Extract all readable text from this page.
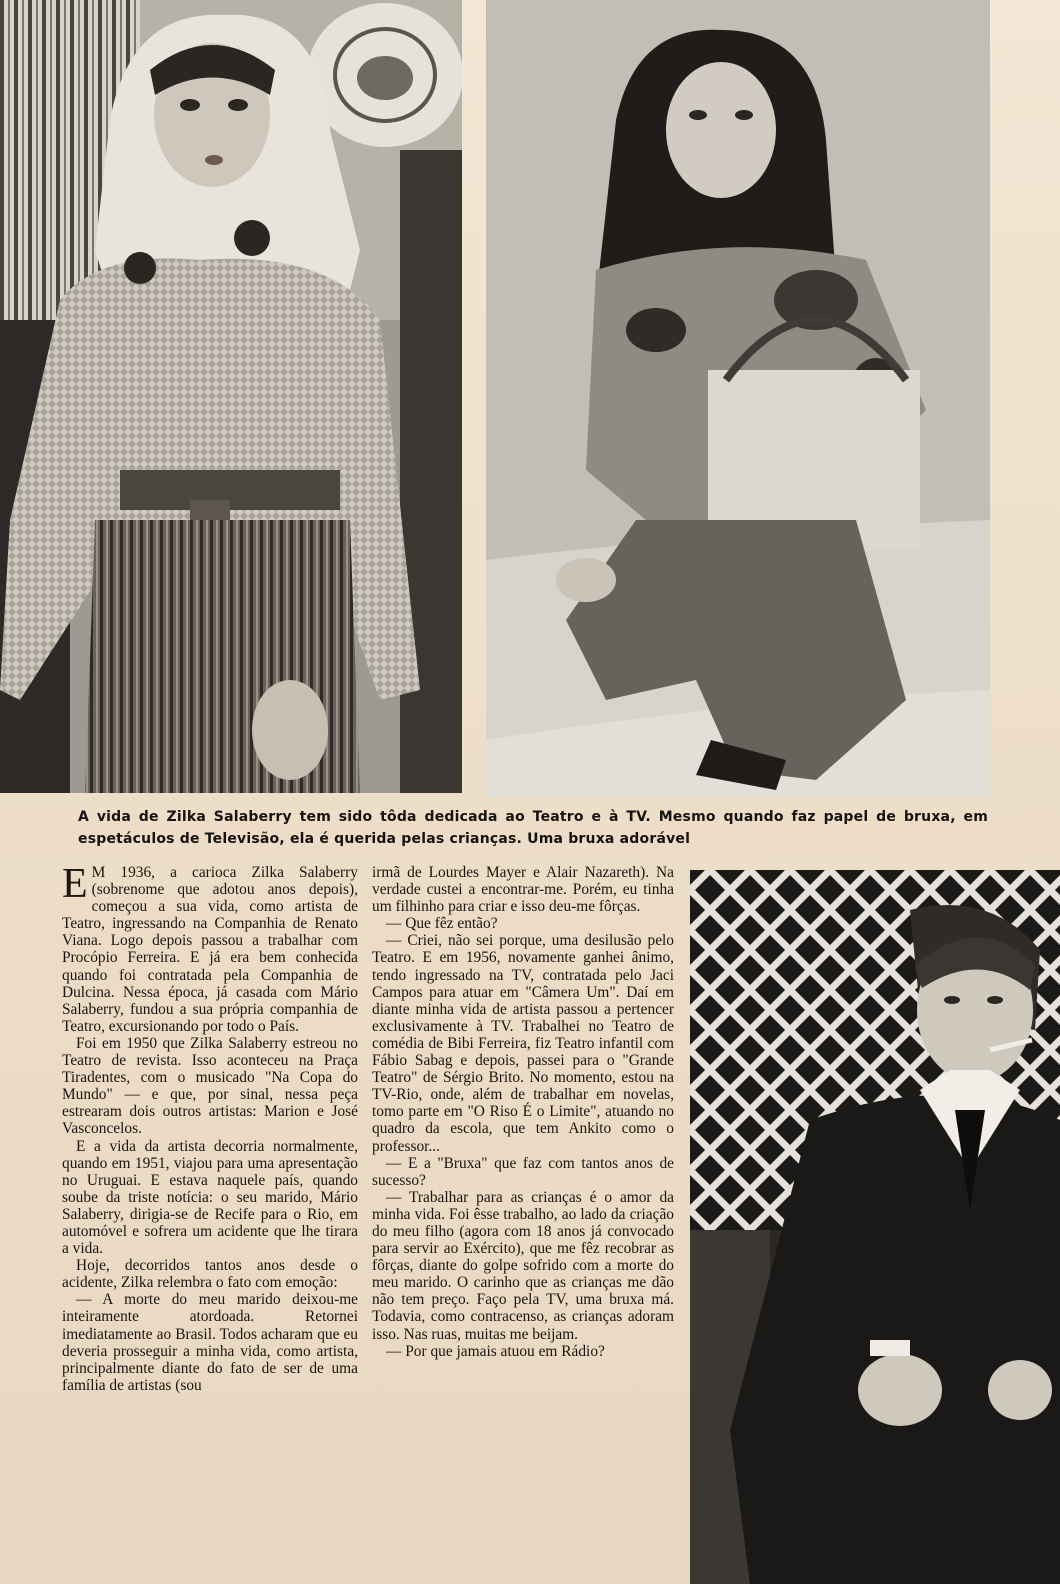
A vida de Zilka Salaberry tem sido tôda dedicada ao Teatro e à TV. Mesmo quando faz papel de bruxa, em espetáculos de Televisão, ela é querida pelas crianças. Uma bruxa adorável

E M 1936, a carioca Zilka Salaberry (sobrenome que adotou anos depois), começou a sua vida, como artista de Teatro, ingressando na Companhia de Renato Viana. Logo depois passou a trabalhar com Procópio Ferreira. E já era bem conhecida quando foi contratada pela Companhia de Dulcina. Nessa época, já casada com Mário Salaberry, fundou a sua própria companhia de Teatro, excursionando por todo o País.

Foi em 1950 que Zilka Salaberry estreou no Teatro de revista. Isso aconteceu na Praça Tiradentes, com o musicado "Na Copa do Mundo" — e que, por sinal, nessa peça estrearam dois outros artistas: Marion e José Vasconcelos.

E a vida da artista decorria normalmente, quando em 1951, viajou para uma apresentação no Uruguai. E estava naquele país, quando soube da triste notícia: o seu marido, Mário Salaberry, dirigia-se de Recife para o Rio, em automóvel e sofrera um acidente que lhe tirara a vida.

Hoje, decorridos tantos anos desde o acidente, Zilka relembra o fato com emoção:

— A morte do meu marido deixou-me inteiramente atordoada. Retornei imediatamente ao Brasil. Todos acharam que eu deveria prosseguir a minha vida, como artista, principalmente diante do fato de ser de uma família de artistas (sou

irmã de Lourdes Mayer e Alair Nazareth). Na verdade custei a encontrar-me. Porém, eu tinha um filhinho para criar e isso deu-me fôrças.

— Que fêz então?

— Criei, não sei porque, uma desilusão pelo Teatro. E em 1956, novamente ganhei ânimo, tendo ingressado na TV, contratada pelo Jaci Campos para atuar em "Câmera Um". Daí em diante minha vida de artista passou a pertencer exclusivamente à TV. Trabalhei no Teatro de comédia de Bibi Ferreira, fiz Teatro infantil com Fábio Sabag e depois, passei para o "Grande Teatro" de Sérgio Brito. No momento, estou na TV-Rio, onde, além de trabalhar em novelas, tomo parte em "O Riso É o Limite", atuando no quadro da escola, que tem Ankito como o professor...

— E a "Bruxa" que faz com tantos anos de sucesso?

— Trabalhar para as crianças é o amor da minha vida. Foi êsse trabalho, ao lado da criação do meu filho (agora com 18 anos já convocado para servir ao Exército), que me fêz recobrar as fôrças, diante do golpe sofrido com a morte do meu marido. O carinho que as crianças me dão não tem preço. Faço pela TV, uma bruxa má. Todavia, como contracenso, as crianças adoram isso. Nas ruas, muitas me beijam.

— Por que jamais atuou em Rádio?
